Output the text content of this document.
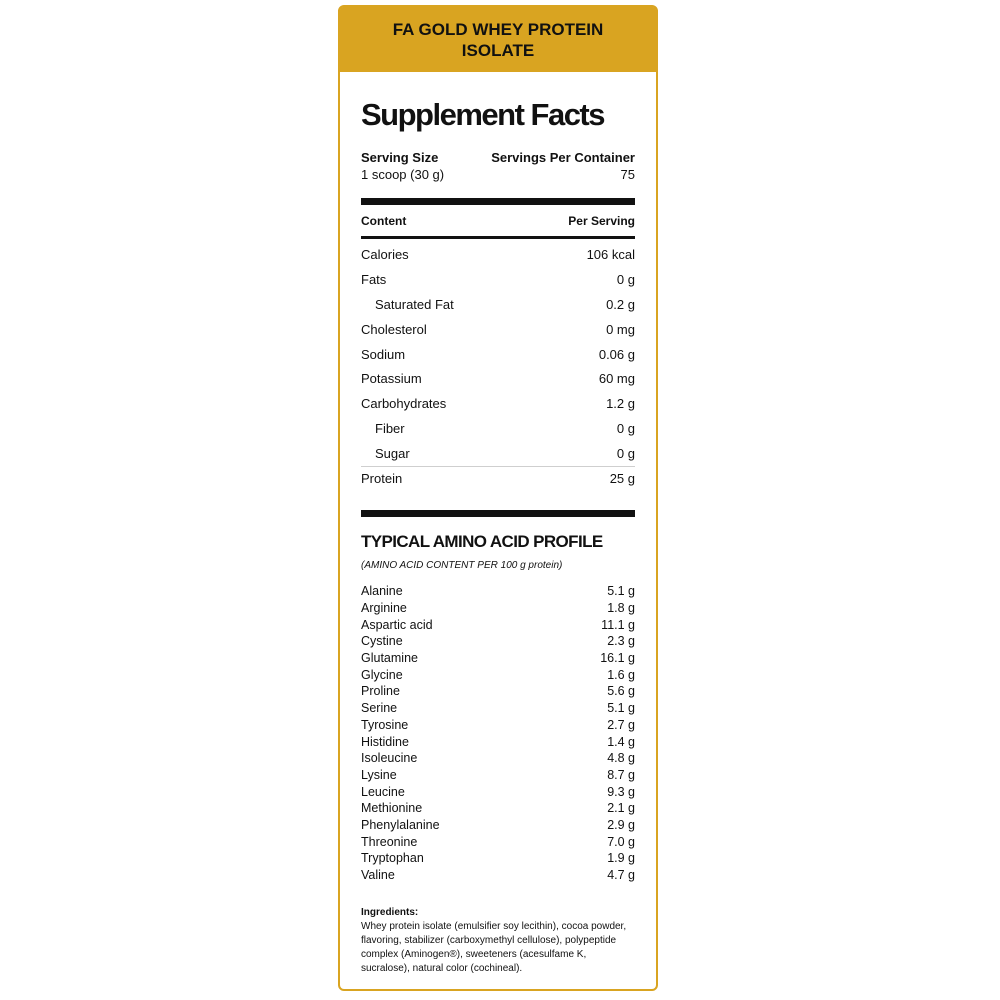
FA GOLD WHEY PROTEIN ISOLATE
Supplement Facts
Serving Size	Servings Per Container
1 scoop (30 g)	75
Content	Per Serving
Calories	106 kcal
Fats	0 g
Saturated Fat	0.2 g
Cholesterol	0 mg
Sodium	0.06 g
Potassium	60 mg
Carbohydrates	1.2 g
Fiber	0 g
Sugar	0 g
Protein	25 g
TYPICAL AMINO ACID PROFILE
(AMINO ACID CONTENT PER 100 g protein)
Alanine	5.1 g
Arginine	1.8 g
Aspartic acid	11.1 g
Cystine	2.3 g
Glutamine	16.1 g
Glycine	1.6 g
Proline	5.6 g
Serine	5.1 g
Tyrosine	2.7 g
Histidine	1.4 g
Isoleucine	4.8 g
Lysine	8.7 g
Leucine	9.3 g
Methionine	2.1 g
Phenylalanine	2.9 g
Threonine	7.0 g
Tryptophan	1.9 g
Valine	4.7 g
Ingredients:
Whey protein isolate (emulsifier soy lecithin), cocoa powder, flavoring, stabilizer (carboxymethyl cellulose), polypeptide complex (Aminogen®), sweeteners (acesulfame K, sucralose), natural color (cochineal).
